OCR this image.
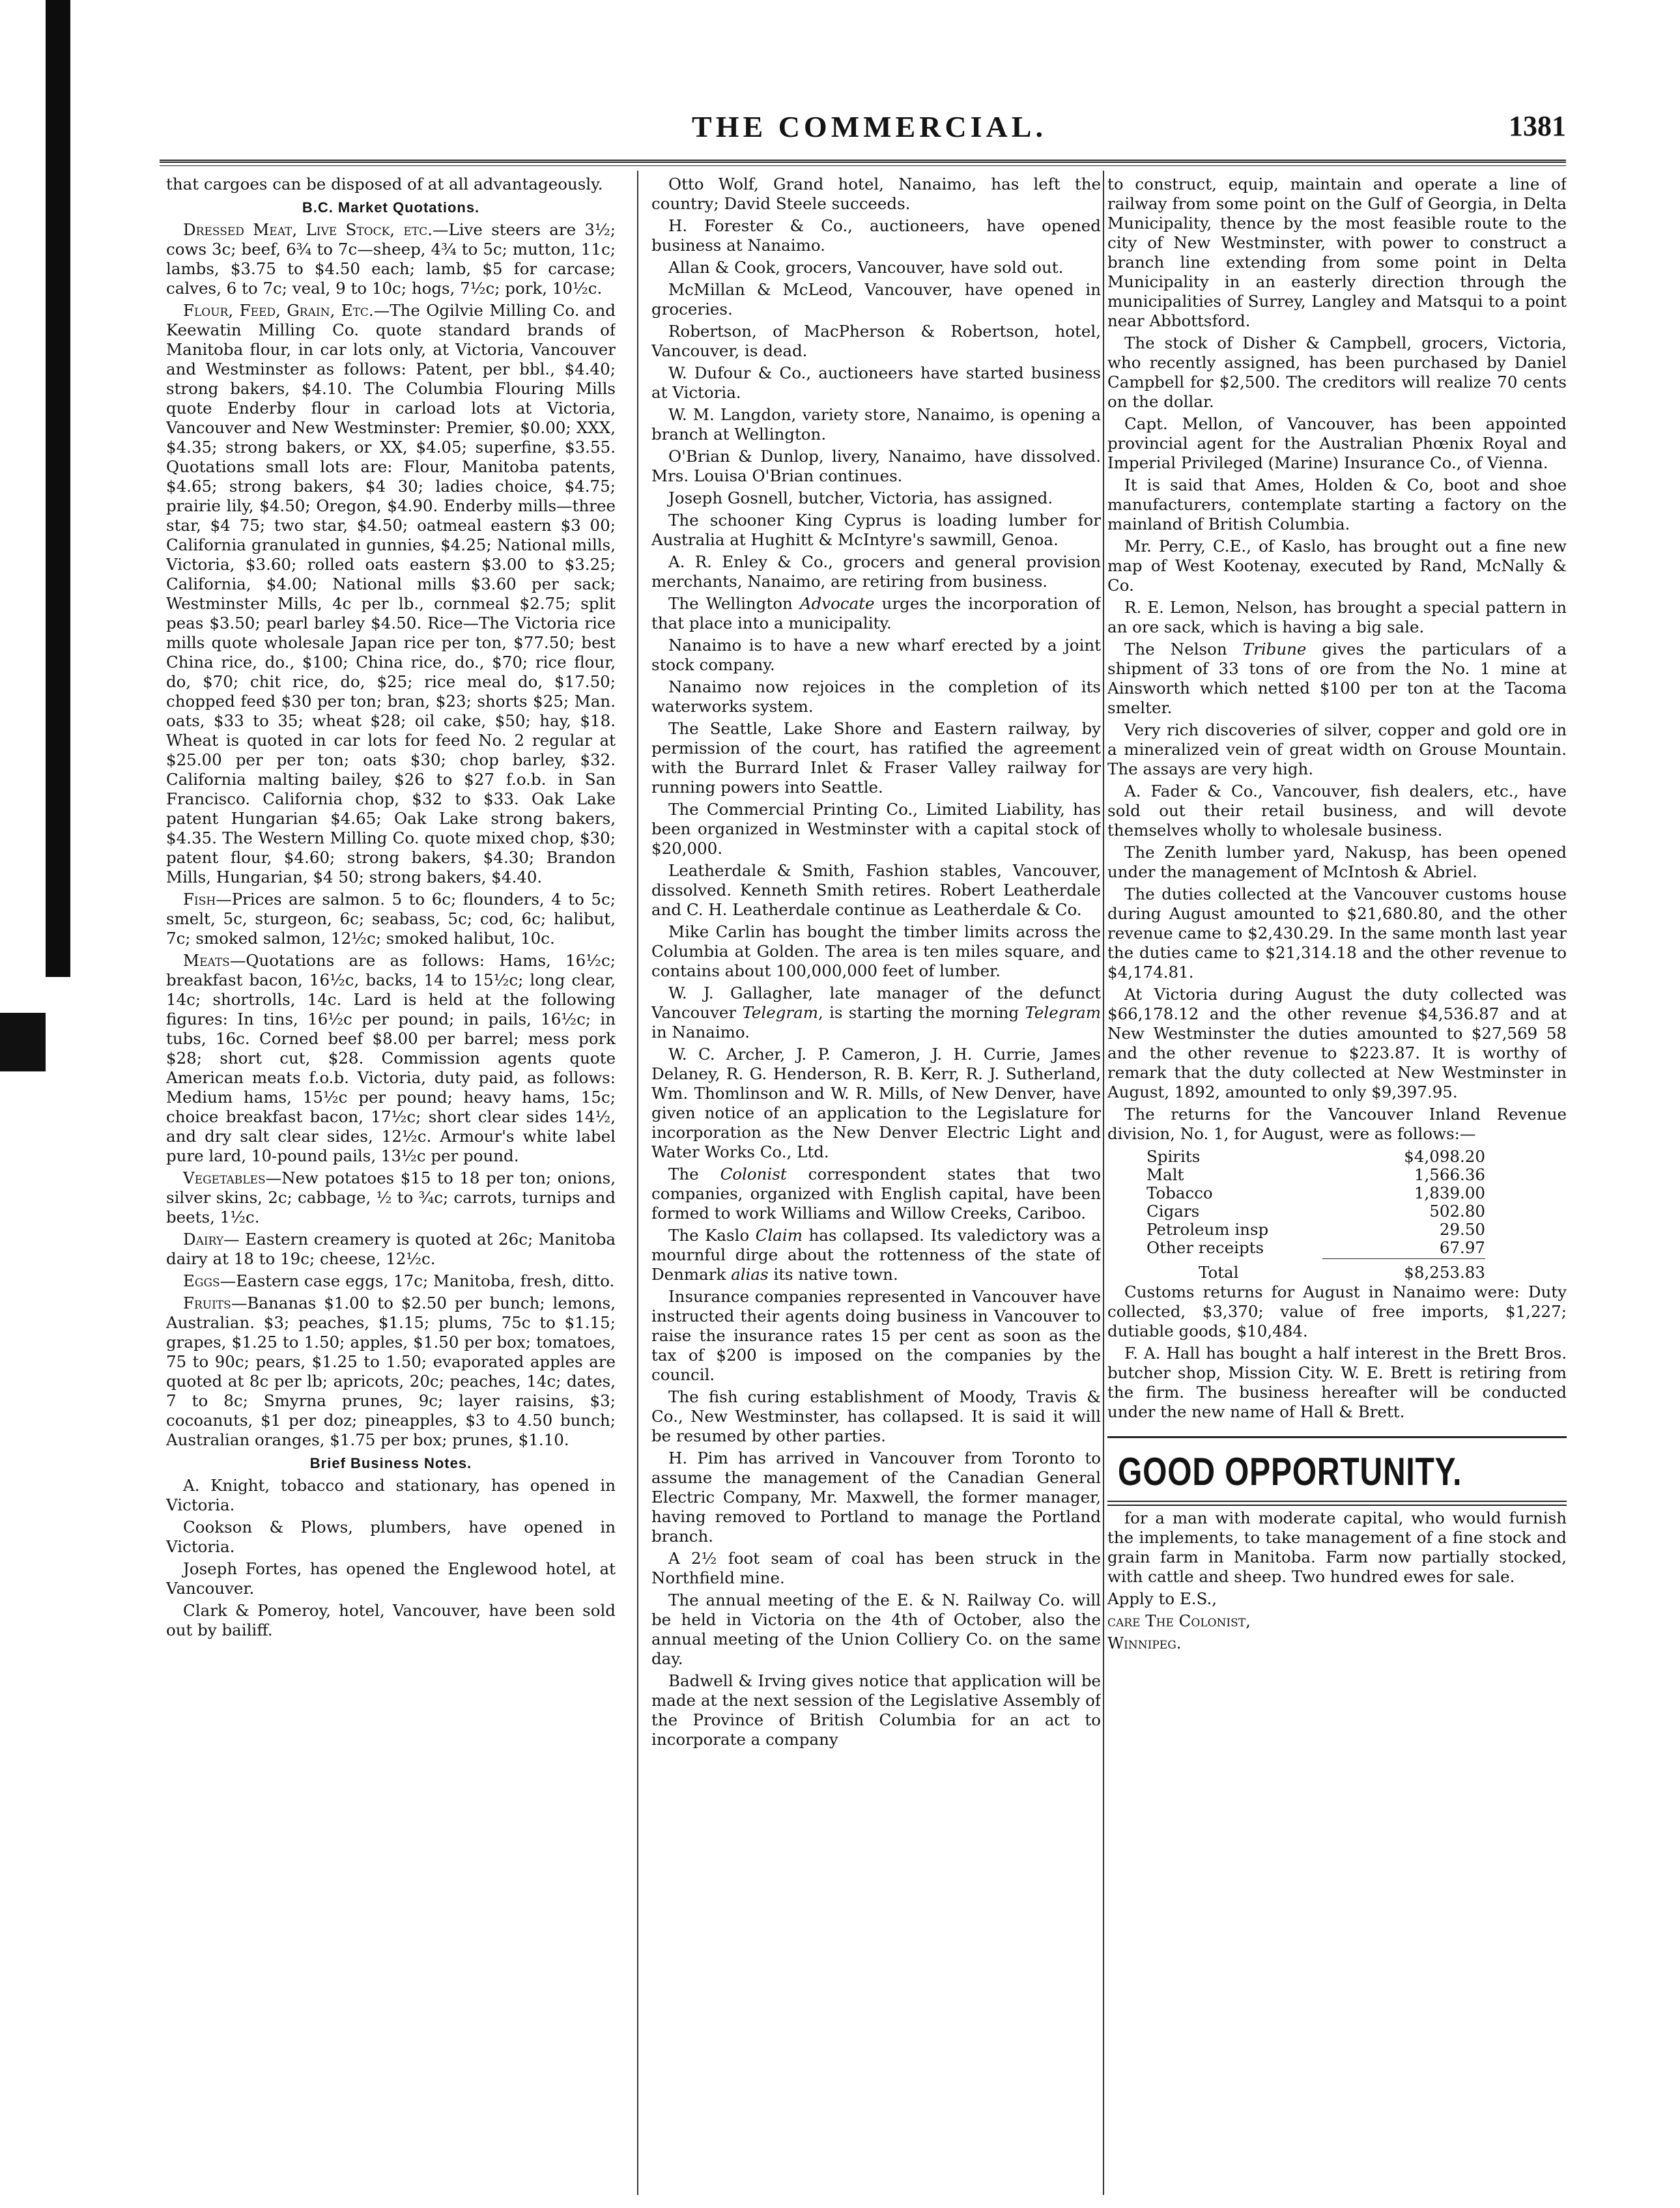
THE COMMERCIAL.	1381

that cargoes can be disposed of at all advantageously.

B.C. Market Quotations.

Dressed Meat, Live Stock, etc.—Live steers are 3½; cows 3c; beef, 6¾ to 7c—sheep, 4¾ to 5c; mutton, 11c; lambs, $3.75 to $4.50 each; lamb, $5 for carcase; calves, 6 to 7c; veal, 9 to 10c; hogs, 7½c; pork, 10½c.

Flour, Feed, Grain, Etc.—The Ogilvie Milling Co. and Keewatin Milling Co. quote standard brands of Manitoba flour, in car lots only, at Victoria, Vancouver and Westminster as follows: Patent, per bbl., $4.40; strong bakers, $4.10. The Columbia Flouring Mills quote Enderby flour in carload lots at Victoria, Vancouver and New Westminster: Premier, $0.00; XXX, $4.35; strong bakers, or XX, $4.05; superfine, $3.55. Quotations small lots are: Flour, Manitoba patents, $4.65; strong bakers, $4 30; ladies choice, $4.75; prairie lily, $4.50; Oregon, $4.90. Enderby mills—three star, $4 75; two star, $4.50; oatmeal eastern $3 00; California granulated in gunnies, $4.25; National mills, Victoria, $3.60; rolled oats eastern $3.00 to $3.25; California, $4.00; National mills $3.60 per sack; Westminster Mills, 4c per lb., cornmeal $2.75; split peas $3.50; pearl barley $4.50. Rice—The Victoria rice mills quote wholesale Japan rice per ton, $77.50; best China rice, do., $100; China rice, do., $70; rice flour, do, $70; chit rice, do, $25; rice meal do, $17.50; chopped feed $30 per ton; bran, $23; shorts $25; Man. oats, $33 to 35; wheat $28; oil cake, $50; hay, $18. Wheat is quoted in car lots for feed No. 2 regular at $25.00 per per ton; oats $30; chop barley, $32. California malting bailey, $26 to $27 f.o.b. in San Francisco. California chop, $32 to $33. Oak Lake patent Hungarian $4.65; Oak Lake strong bakers, $4.35. The Western Milling Co. quote mixed chop, $30; patent flour, $4.60; strong bakers, $4.30; Brandon Mills, Hungarian, $4 50; strong bakers, $4.40.

Fish—Prices are salmon. 5 to 6c; flounders, 4 to 5c; smelt, 5c, sturgeon, 6c; seabass, 5c; cod, 6c; halibut, 7c; smoked salmon, 12½c; smoked halibut, 10c.

Meats—Quotations are as follows: Hams, 16½c; breakfast bacon, 16½c, backs, 14 to 15½c; long clear, 14c; shortrolls, 14c. Lard is held at the following figures: In tins, 16½c per pound; in pails, 16½c; in tubs, 16c. Corned beef $8.00 per barrel; mess pork $28; short cut, $28. Commission agents quote American meats f.o.b. Victoria, duty paid, as follows: Medium hams, 15½c per pound; heavy hams, 15c; choice breakfast bacon, 17½c; short clear sides 14½, and dry salt clear sides, 12½c. Armour's white label pure lard, 10-pound pails, 13½c per pound.

Vegetables—New potatoes $15 to 18 per ton; onions, silver skins, 2c; cabbage, ½ to ¾c; carrots, turnips and beets, 1½c.

Dairy— Eastern creamery is quoted at 26c; Manitoba dairy at 18 to 19c; cheese, 12½c.

Eggs—Eastern case eggs, 17c; Manitoba, fresh, ditto.

Fruits—Bananas $1.00 to $2.50 per bunch; lemons, Australian. $3; peaches, $1.15; plums, 75c to $1.15; grapes, $1.25 to 1.50; apples, $1.50 per box; tomatoes, 75 to 90c; pears, $1.25 to 1.50; evaporated apples are quoted at 8c per lb; apricots, 20c; peaches, 14c; dates, 7 to 8c; Smyrna prunes, 9c; layer raisins, $3; cocoanuts, $1 per doz; pineapples, $3 to 4.50 bunch; Australian oranges, $1.75 per box; prunes, $1.10.

Brief Business Notes.

A. Knight, tobacco and stationary, has opened in Victoria.

Cookson & Plows, plumbers, have opened in Victoria.

Joseph Fortes, has opened the Englewood hotel, at Vancouver.

Clark & Pomeroy, hotel, Vancouver, have been sold out by bailiff.

Otto Wolf, Grand hotel, Nanaimo, has left the country; David Steele succeeds.

H. Forester & Co., auctioneers, have opened business at Nanaimo.

Allan & Cook, grocers, Vancouver, have sold out.

McMillan & McLeod, Vancouver, have opened in groceries.

Robertson, of MacPherson & Robertson, hotel, Vancouver, is dead.

W. Dufour & Co., auctioneers have started business at Victoria.

W. M. Langdon, variety store, Nanaimo, is opening a branch at Wellington.

O'Brian & Dunlop, livery, Nanaimo, have dissolved. Mrs. Louisa O'Brian continues.

Joseph Gosnell, butcher, Victoria, has assigned.

The schooner King Cyprus is loading lumber for Australia at Hughitt & McIntyre's sawmill, Genoa.

A. R. Enley & Co., grocers and general provision merchants, Nanaimo, are retiring from business.

The Wellington Advocate urges the incorporation of that place into a municipality.

Nanaimo is to have a new wharf erected by a joint stock company.

Nanaimo now rejoices in the completion of its waterworks system.

The Seattle, Lake Shore and Eastern railway, by permission of the court, has ratified the agreement with the Burrard Inlet & Fraser Valley railway for running powers into Seattle.

The Commercial Printing Co., Limited Liability, has been organized in Westminster with a capital stock of $20,000.

Leatherdale & Smith, Fashion stables, Vancouver, dissolved. Kenneth Smith retires. Robert Leatherdale and C. H. Leatherdale continue as Leatherdale & Co.

Mike Carlin has bought the timber limits across the Columbia at Golden. The area is ten miles square, and contains about 100,000,000 feet of lumber.

W. J. Gallagher, late manager of the defunct Vancouver Telegram, is starting the morning Telegram in Nanaimo.

W. C. Archer, J. P. Cameron, J. H. Currie, James Delaney, R. G. Henderson, R. B. Kerr, R. J. Sutherland, Wm. Thomlinson and W. R. Mills, of New Denver, have given notice of an application to the Legislature for incorporation as the New Denver Electric Light and Water Works Co., Ltd.

The Colonist correspondent states that two companies, organized with English capital, have been formed to work Williams and Willow Creeks, Cariboo.

The Kaslo Claim has collapsed. Its valedictory was a mournful dirge about the rottenness of the state of Denmark alias its native town.

Insurance companies represented in Vancouver have instructed their agents doing business in Vancouver to raise the insurance rates 15 per cent as soon as the tax of $200 is imposed on the companies by the council.

The fish curing establishment of Moody, Travis & Co., New Westminster, has collapsed. It is said it will be resumed by other parties.

H. Pim has arrived in Vancouver from Toronto to assume the management of the Canadian General Electric Company, Mr. Maxwell, the former manager, having removed to Portland to manage the Portland branch.

A 2½ foot seam of coal has been struck in the Northfield mine.

The annual meeting of the E. & N. Railway Co. will be held in Victoria on the 4th of October, also the annual meeting of the Union Colliery Co. on the same day.

Badwell & Irving gives notice that application will be made at the next session of the Legislative Assembly of the Province of British Columbia for an act to incorporate a company

to construct, equip, maintain and operate a line of railway from some point on the Gulf of Georgia, in Delta Municipality, thence by the most feasible route to the city of New Westminster, with power to construct a branch line extending from some point in Delta Municipality in an easterly direction through the municipalities of Surrey, Langley and Matsqui to a point near Abbottsford.

The stock of Disher & Campbell, grocers, Victoria, who recently assigned, has been purchased by Daniel Campbell for $2,500. The creditors will realize 70 cents on the dollar.

Capt. Mellon, of Vancouver, has been appointed provincial agent for the Australian Phœnix Royal and Imperial Privileged (Marine) Insurance Co., of Vienna.

It is said that Ames, Holden & Co, boot and shoe manufacturers, contemplate starting a factory on the mainland of British Columbia.

Mr. Perry, C.E., of Kaslo, has brought out a fine new map of West Kootenay, executed by Rand, McNally & Co.

R. E. Lemon, Nelson, has brought a special pattern in an ore sack, which is having a big sale.

The Nelson Tribune gives the particulars of a shipment of 33 tons of ore from the No. 1 mine at Ainsworth which netted $100 per ton at the Tacoma smelter.

Very rich discoveries of silver, copper and gold ore in a mineralized vein of great width on Grouse Mountain. The assays are very high.

A. Fader & Co., Vancouver, fish dealers, etc., have sold out their retail business, and will devote themselves wholly to wholesale business.

The Zenith lumber yard, Nakusp, has been opened under the management of McIntosh & Abriel.

The duties collected at the Vancouver customs house during August amounted to $21,680.80, and the other revenue came to $2,430.29. In the same month last year the duties came to $21,314.18 and the other revenue to $4,174.81.

At Victoria during August the duty collected was $66,178.12 and the other revenue $4,536.87 and at New Westminster the duties amounted to $27,569 58 and the other revenue to $223.87. It is worthy of remark that the duty collected at New Westminster in August, 1892, amounted to only $9,397.95.

The returns for the Vancouver Inland Revenue division, No. 1, for August, were as follows:—

Spirits	$4,098.20
Malt	1,566.36
Tobacco	1,839.00
Cigars	502.80
Petroleum insp	29.50
Other receipts	67.97
Total	$8,253.83

Customs returns for August in Nanaimo were: Duty collected, $3,370; value of free imports, $1,227; dutiable goods, $10,484.

F. A. Hall has bought a half interest in the Brett Bros. butcher shop, Mission City. W. E. Brett is retiring from the firm. The business hereafter will be conducted under the new name of Hall & Brett.

GOOD OPPORTUNITY.

for a man with moderate capital, who would furnish the implements, to take management of a fine stock and grain farm in Manitoba. Farm now partially stocked, with cattle and sheep. Two hundred ewes for sale.

Apply to E.S.,

care The Colonist,

Winnipeg.
